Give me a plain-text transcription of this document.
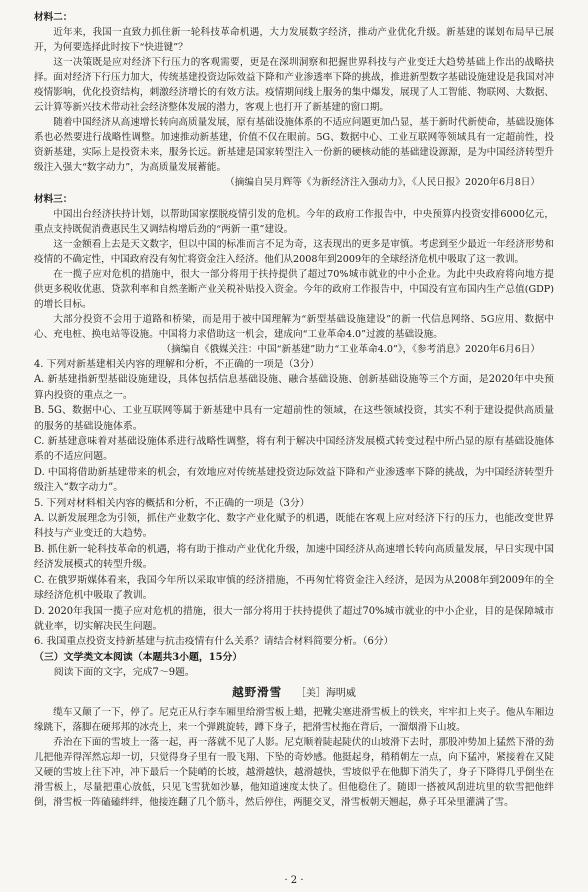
材料二：

近年来，我国一直致力抓住新一轮科技革命机遇，大力发展数字经济，推动产业优化升级。新基建的谋划布局早已展开，为何要选择此时按下“快进键”？

这一决策既是应对经济下行压力的客观需要，更是在深圳洞察和把握世界科技与产业变迁大趋势基础上作出的战略抉择。面对经济下行压力加大，传统基建投资边际效益下降和产业渗透率下降的挑战，推进新型数字基础设施建设是我国对冲疫情影响，优化投资结构，刺激经济增长的有效方法。疫情期间线上服务的集中爆发，展现了人工智能、物联网、大数据、云计算等新兴技术带动社会经济整体发展的潜力，客观上也打开了新基建的窗口期。

随着中国经济从高速增长转向高质量发展，原有基础设施体系的不适应问题更加凸显，基于新时代新使命，基础设施体系也必然要进行战略性调整。加速推动新基建，价值不仅在眼前。5G、数据中心、工业互联网等领域具有一定超前性，投资新基建，实际上是投资未来，服务长远。新基建是国家转型注入一份新的硬核动能的基础建设源源，是为中国经济转型升级注入强大“数字动力”，为高质量发展蓄能。

（摘编自吴月辉等《为新经济注入强动力》，《人民日报》2020年6月8日）

材料三：

中国出台经济扶持计划，以帮助国家摆脱疫情引发的危机。今年的政府工作报告中，中央预算内投资安排6000亿元，重点支持既促消费惠民生又调结构增后劲的“两新一重”建设。

这一金额看上去是天文数字，但以中国的标准而言不足为奇，这表现出的更多是审慎。考虑到至少最近一年经济形势和疫情的不确定性，中国政府没有匆忙将资金注入经济。他们从2008年到2009年的全球经济危机中吸取了这一教训。

在一揽子应对危机的措施中，很大一部分将用于扶持提供了超过70%城市就业的中小企业。为此中央政府将向地方提供更多税收优惠、贷款利率和自然垄断产业关税补贴投入资金。今年的政府工作报告中，中国没有宣布国内生产总值(GDP)的增长目标。

大部分投资不会用于道路和桥梁，而是用于被中国理解为“新型基础设施建设”的新一代信息网络、5G应用、数据中心、充电桩、换电站等设施。中国将力求借助这一机会，建成向“工业革命4.0”过渡的基础设施。

（摘编自《俄媒关注：中国“新基建”助力“工业革命4.0”》，《参考消息》2020年6月6日）

4. 下列对新基建相关内容的理解和分析，不正确的一项是（3分）

A. 新基建指新型基础设施建设，具体包括信息基础设施、融合基础设施、创新基础设施等三个方面，是2020年中央预算内投资的重点之一。

B. 5G、数据中心、工业互联网等属于新基建中具有一定超前性的领域，在这些领域投资，其实不利于建设提供高质量的服务的基础设施体系。

C. 新基建意味着对基础设施体系进行战略性调整，将有利于解决中国经济发展模式转变过程中所凸显的原有基础设施体系的不适应问题。

D. 中国将借助新基建带来的机会，有效地应对传统基建投资边际效益下降和产业渗透率下降的挑战，为中国经济转型升级注入“数字动力”。

5. 下列对材料相关内容的概括和分析，不正确的一项是（3分）

A. 以新发展理念为引领，抓住产业数字化、数字产业化赋予的机遇，既能在客观上应对经济下行的压力，也能改变世界科技与产业变迁的大趋势。

B. 抓住新一轮科技革命的机遇，将有助于推动产业优化升级，加速中国经济从高速增长转向高质量发展，早日实现中国经济发展模式的转型升级。

C. 在俄罗斯媒体看来，我国今年所以采取审慎的经济措施，不再匆忙将资金注入经济，是因为从2008年到2009年的全球经济危机中吸取了教训。

D. 2020年我国一揽子应对危机的措施，很大一部分将用于扶持提供了超过70%城市就业的中小企业，目的是保障城市就业率，切实解决民生问题。

6. 我国重点投资支持新基建与抗击疫情有什么关系？请结合材料简要分析。（6分）

（三）文学类文本阅读（本题共3小题，15分）

阅读下面的文字，完成7～9题。

越野滑雪 ［美］海明威

缆车又颠了一下，停了。尼克正从行李车厢里给滑雪板上蜡，把靴尖塞进滑雪板上的铁夹，牢牢扣上夹子。他从车厢边缘跳下，落脚在硬邦邦的冰壳上，来一个弹跳旋转，蹲下身子，把滑雪杖拖在背后，一溜烟滑下山坡。

乔治在下面的雪坡上一落一起，再一落就不见了人影。尼克顺着陡起陡伏的山坡滑下去时，那股冲势加上猛然下滑的劲儿把他弄得浑然忘却一切，只觉得身子里有一股飞翔、下坠的奇妙感。他挺起身，稍稍朝左一点，向下猛冲，紧接着在又陡又硬的雪坡上往下冲，冲下最后一个陡峭的长坡，越滑越快，越滑越快，雪坡似乎在他脚下消失了，身子下降得几乎倒坐在滑雪板上，尽量把重心放低，只见飞雪犹如沙暴，他知道速度太快了。但他稳住了。随即一搭被风刮进坑里的软雪把他绊倒，滑雪板一阵磕磕绊绊，他接连翻了几个筋斗，然后停住，两腿交叉，滑雪板朝天翘起，鼻子耳朵里灌满了雪。

· 2 ·
